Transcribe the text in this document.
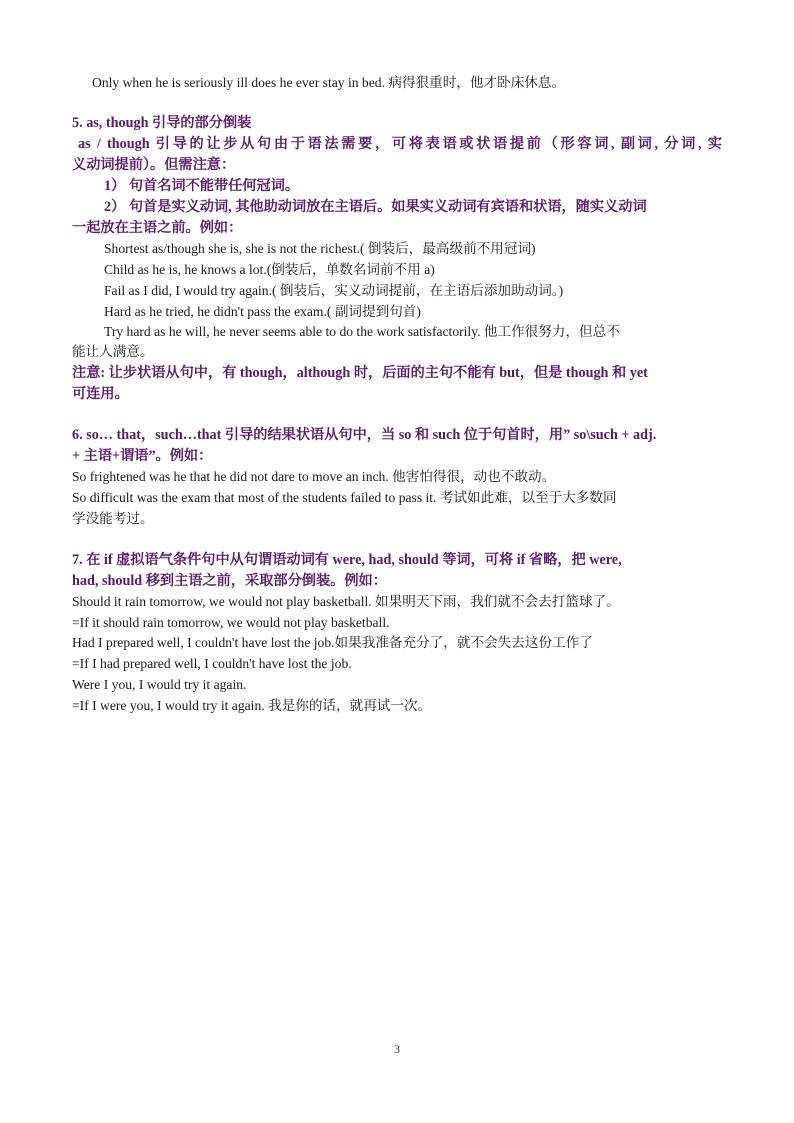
Only when he is seriously ill does he ever stay in bed. 病得狠重时，他才卧床休息。
5. as, though 引导的部分倒装
as / though 引导的让步从句由于语法需要，可将表语或状语提前（形容词, 副词, 分词, 实
义动词提前）。但需注意：
1） 句首名词不能带任何冠词。
2） 句首是实义动词, 其他助动词放在主语后。如果实义动词有宾语和状语，随实义动词
一起放在主语之前。例如：
Shortest as/though she is, she is not the richest.( 倒装后，最高级前不用冠词)
Child as he is, he knows a lot.(倒装后，单数名词前不用 a)
Fail as I did, I would try again.( 倒装后，实义动词提前，在主语后添加助动词。)
Hard as he tried, he didn't pass the exam.( 副词提到句首)
Try hard as he will, he never seems able to do the work satisfactorily. 他工作很努力，但总不
能让人满意。
注意: 让步状语从句中，有 though，although 时，后面的主句不能有 but，但是 though 和 yet
可连用。
6. so… that，such…that 引导的结果状语从句中，当 so 和 such 位于句首时，用” so\such + adj.
+ 主语+谓语”。例如：
So frightened was he that he did not dare to move an inch. 他害怕得很，动也不敢动。
So difficult was the exam that most of the students failed to pass it. 考试如此难，以至于大多数同
学没能考过。
7. 在 if 虚拟语气条件句中从句谓语动词有 were, had, should 等词，可将 if 省略，把 were,
had, should 移到主语之前，采取部分倒装。例如：
Should it rain tomorrow, we would not play basketball. 如果明天下雨，我们就不会去打篮球了。
=If it should rain tomorrow, we would not play basketball.
Had I prepared well, I couldn't have lost the job.如果我准备充分了，就不会失去这份工作了
=If I had prepared well, I couldn't have lost the job.
Were I you, I would try it again.
=If I were you, I would try it again. 我是你的话，就再试一次。
3
